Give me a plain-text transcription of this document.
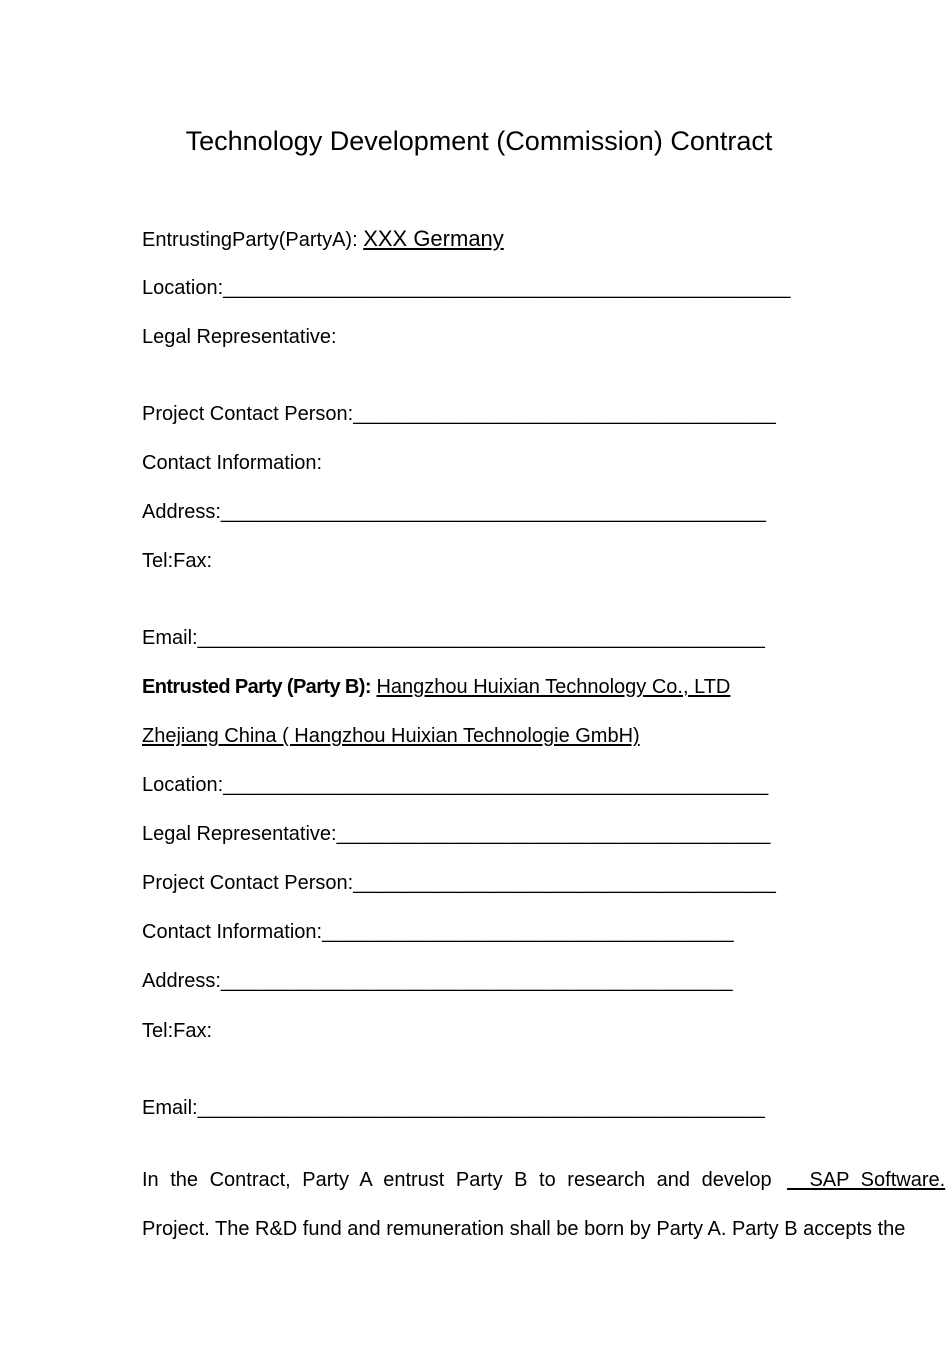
Technology Development (Commission) Contract
EntrustingParty(PartyA): XXX Germany
Location:___________________________________________________
Legal Representative:
Project Contact Person:______________________________________
Contact Information:
Address:_________________________________________________
Tel:Fax:
Email:___________________________________________________
Entrusted Party (Party B): Hangzhou Huixian Technology Co., LTD
Zhejiang China ( Hangzhou Huixian Technologie GmbH)
Location:_________________________________________________
Legal Representative:_______________________________________
Project Contact Person:______________________________________
Contact Information:_____________________________________
Address:______________________________________________
Tel:Fax:
Email:___________________________________________________
In the Contract, Party A entrust Party B to research and develop __SAP Software.
Project. The R&D fund and remuneration shall be born by Party A. Party B accepts the
